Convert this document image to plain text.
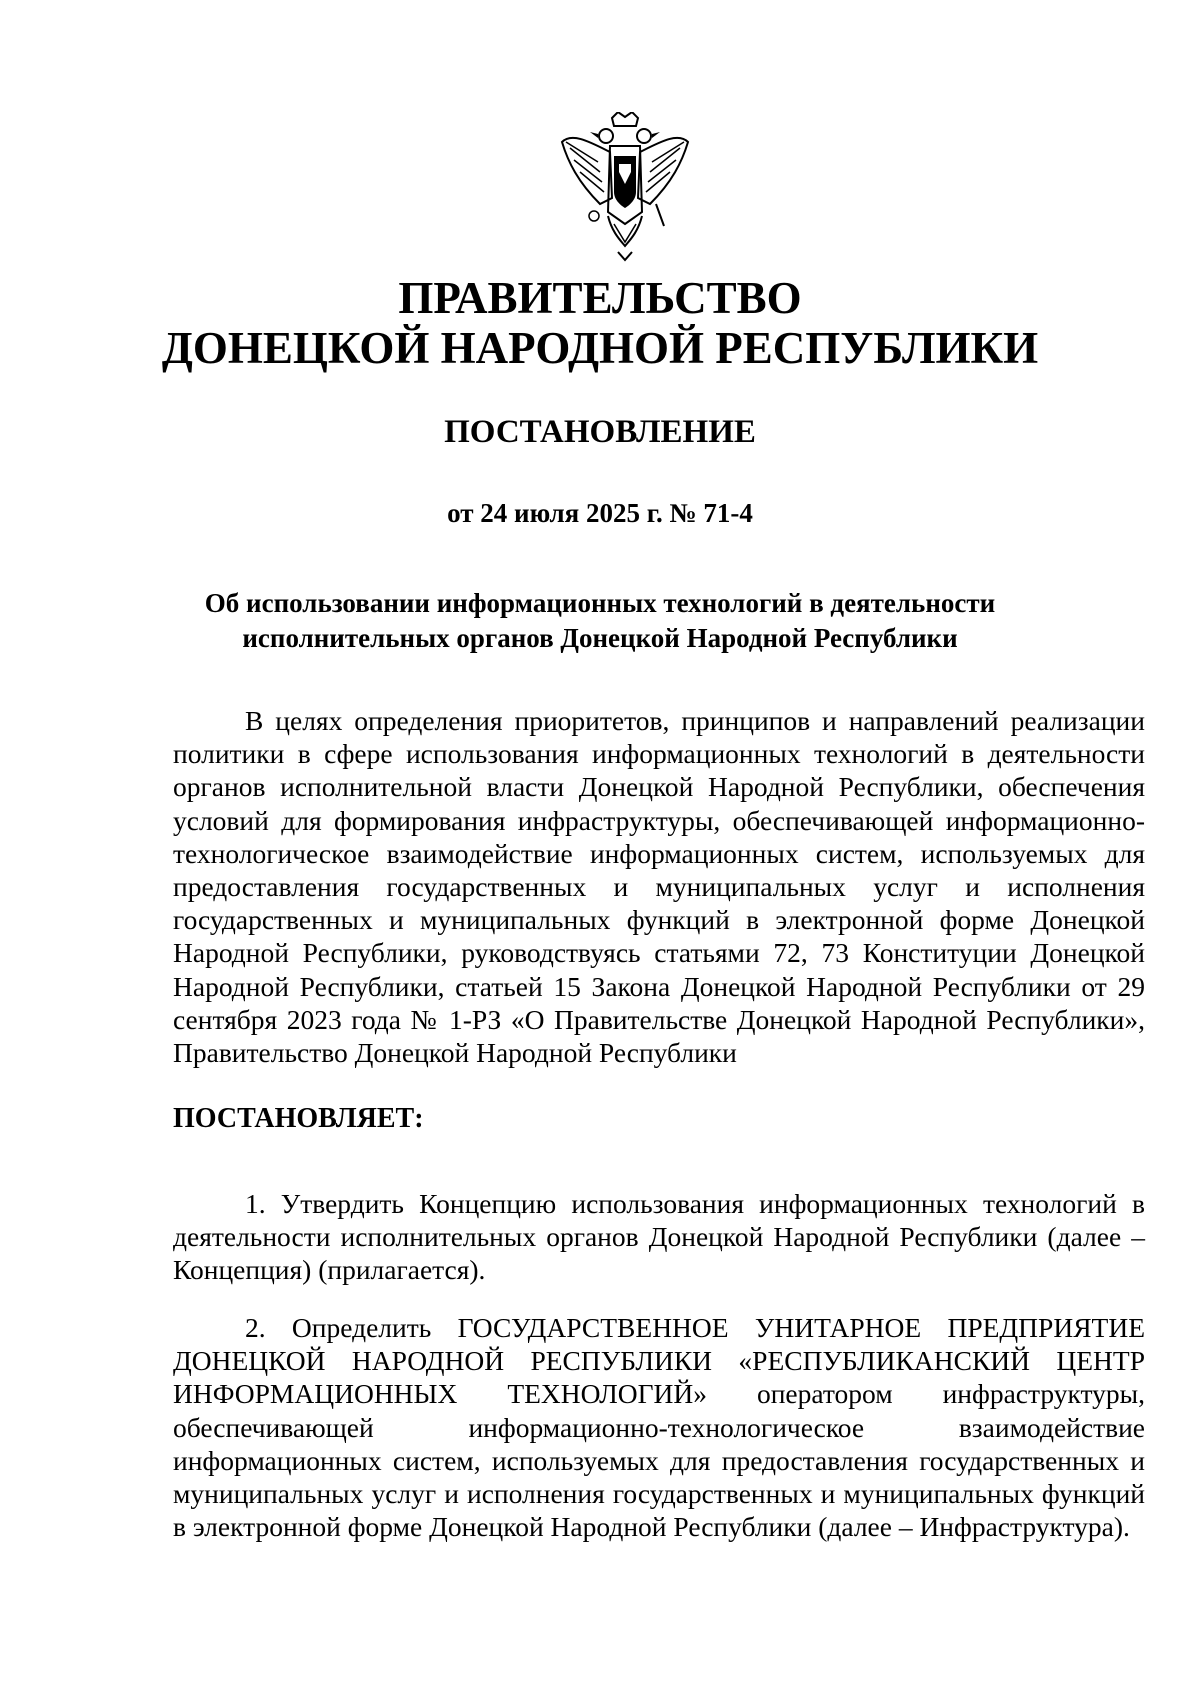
ПРАВИТЕЛЬСТВО

ДОНЕЦКОЙ НАРОДНОЙ РЕСПУБЛИКИ

ПОСТАНОВЛЕНИЕ

от 24 июля 2025 г. № 71-4

Об использовании информационных технологий в деятельности
исполнительных органов Донецкой Народной Республики

В целях определения приоритетов, принципов и направлений реализации политики в сфере использования информационных технологий в деятельности органов исполнительной власти Донецкой Народной Республики, обеспечения условий для формирования инфраструктуры, обеспечивающей информационно-технологическое взаимодействие информационных систем, используемых для предоставления государственных и муниципальных услуг и исполнения государственных и муниципальных функций в электронной форме Донецкой Народной Республики, руководствуясь статьями 72, 73 Конституции Донецкой Народной Республики, статьей 15 Закона Донецкой Народной Республики от 29 сентября 2023 года № 1-РЗ «О Правительстве Донецкой Народной Республики», Правительство Донецкой Народной Республики

ПОСТАНОВЛЯЕТ:

1. Утвердить Концепцию использования информационных технологий в деятельности исполнительных органов Донецкой Народной Республики (далее – Концепция) (прилагается).

2. Определить ГОСУДАРСТВЕННОЕ УНИТАРНОЕ ПРЕДПРИЯТИЕ ДОНЕЦКОЙ НАРОДНОЙ РЕСПУБЛИКИ «РЕСПУБЛИКАНСКИЙ ЦЕНТР ИНФОРМАЦИОННЫХ ТЕХНОЛОГИЙ» оператором инфраструктуры, обеспечивающей информационно-технологическое взаимодействие информационных систем, используемых для предоставления государственных и муниципальных услуг и исполнения государственных и муниципальных функций в электронной форме Донецкой Народной Республики (далее – Инфраструктура).
